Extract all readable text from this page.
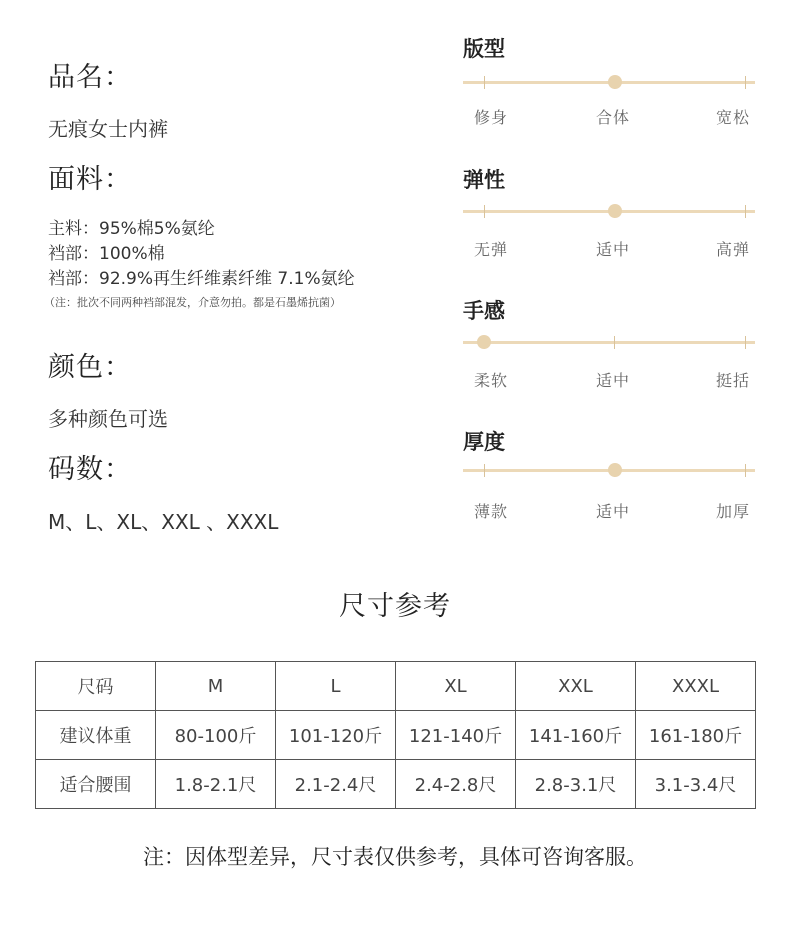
品名：
无痕女士内裤
面料：
主料：95%棉5%氨纶
裆部：100%棉
裆部：92.9%再生纤维素纤维 7.1%氨纶
（注：批次不同两种裆部混发，介意勿拍。都是石墨烯抗菌）
颜色：
多种颜色可选
码数：
M、L、XL、XXL 、XXXL
版型
修身	合体	宽松
弹性
无弹	适中	高弹
手感
柔软	适中	挺括
厚度
薄款	适中	加厚
尺寸参考
尺码	M	L	XL	XXL	XXXL
建议体重	80-100斤	101-120斤	121-140斤	141-160斤	161-180斤
适合腰围	1.8-2.1尺	2.1-2.4尺	2.4-2.8尺	2.8-3.1尺	3.1-3.4尺
注：因体型差异，尺寸表仅供参考，具体可咨询客服。
